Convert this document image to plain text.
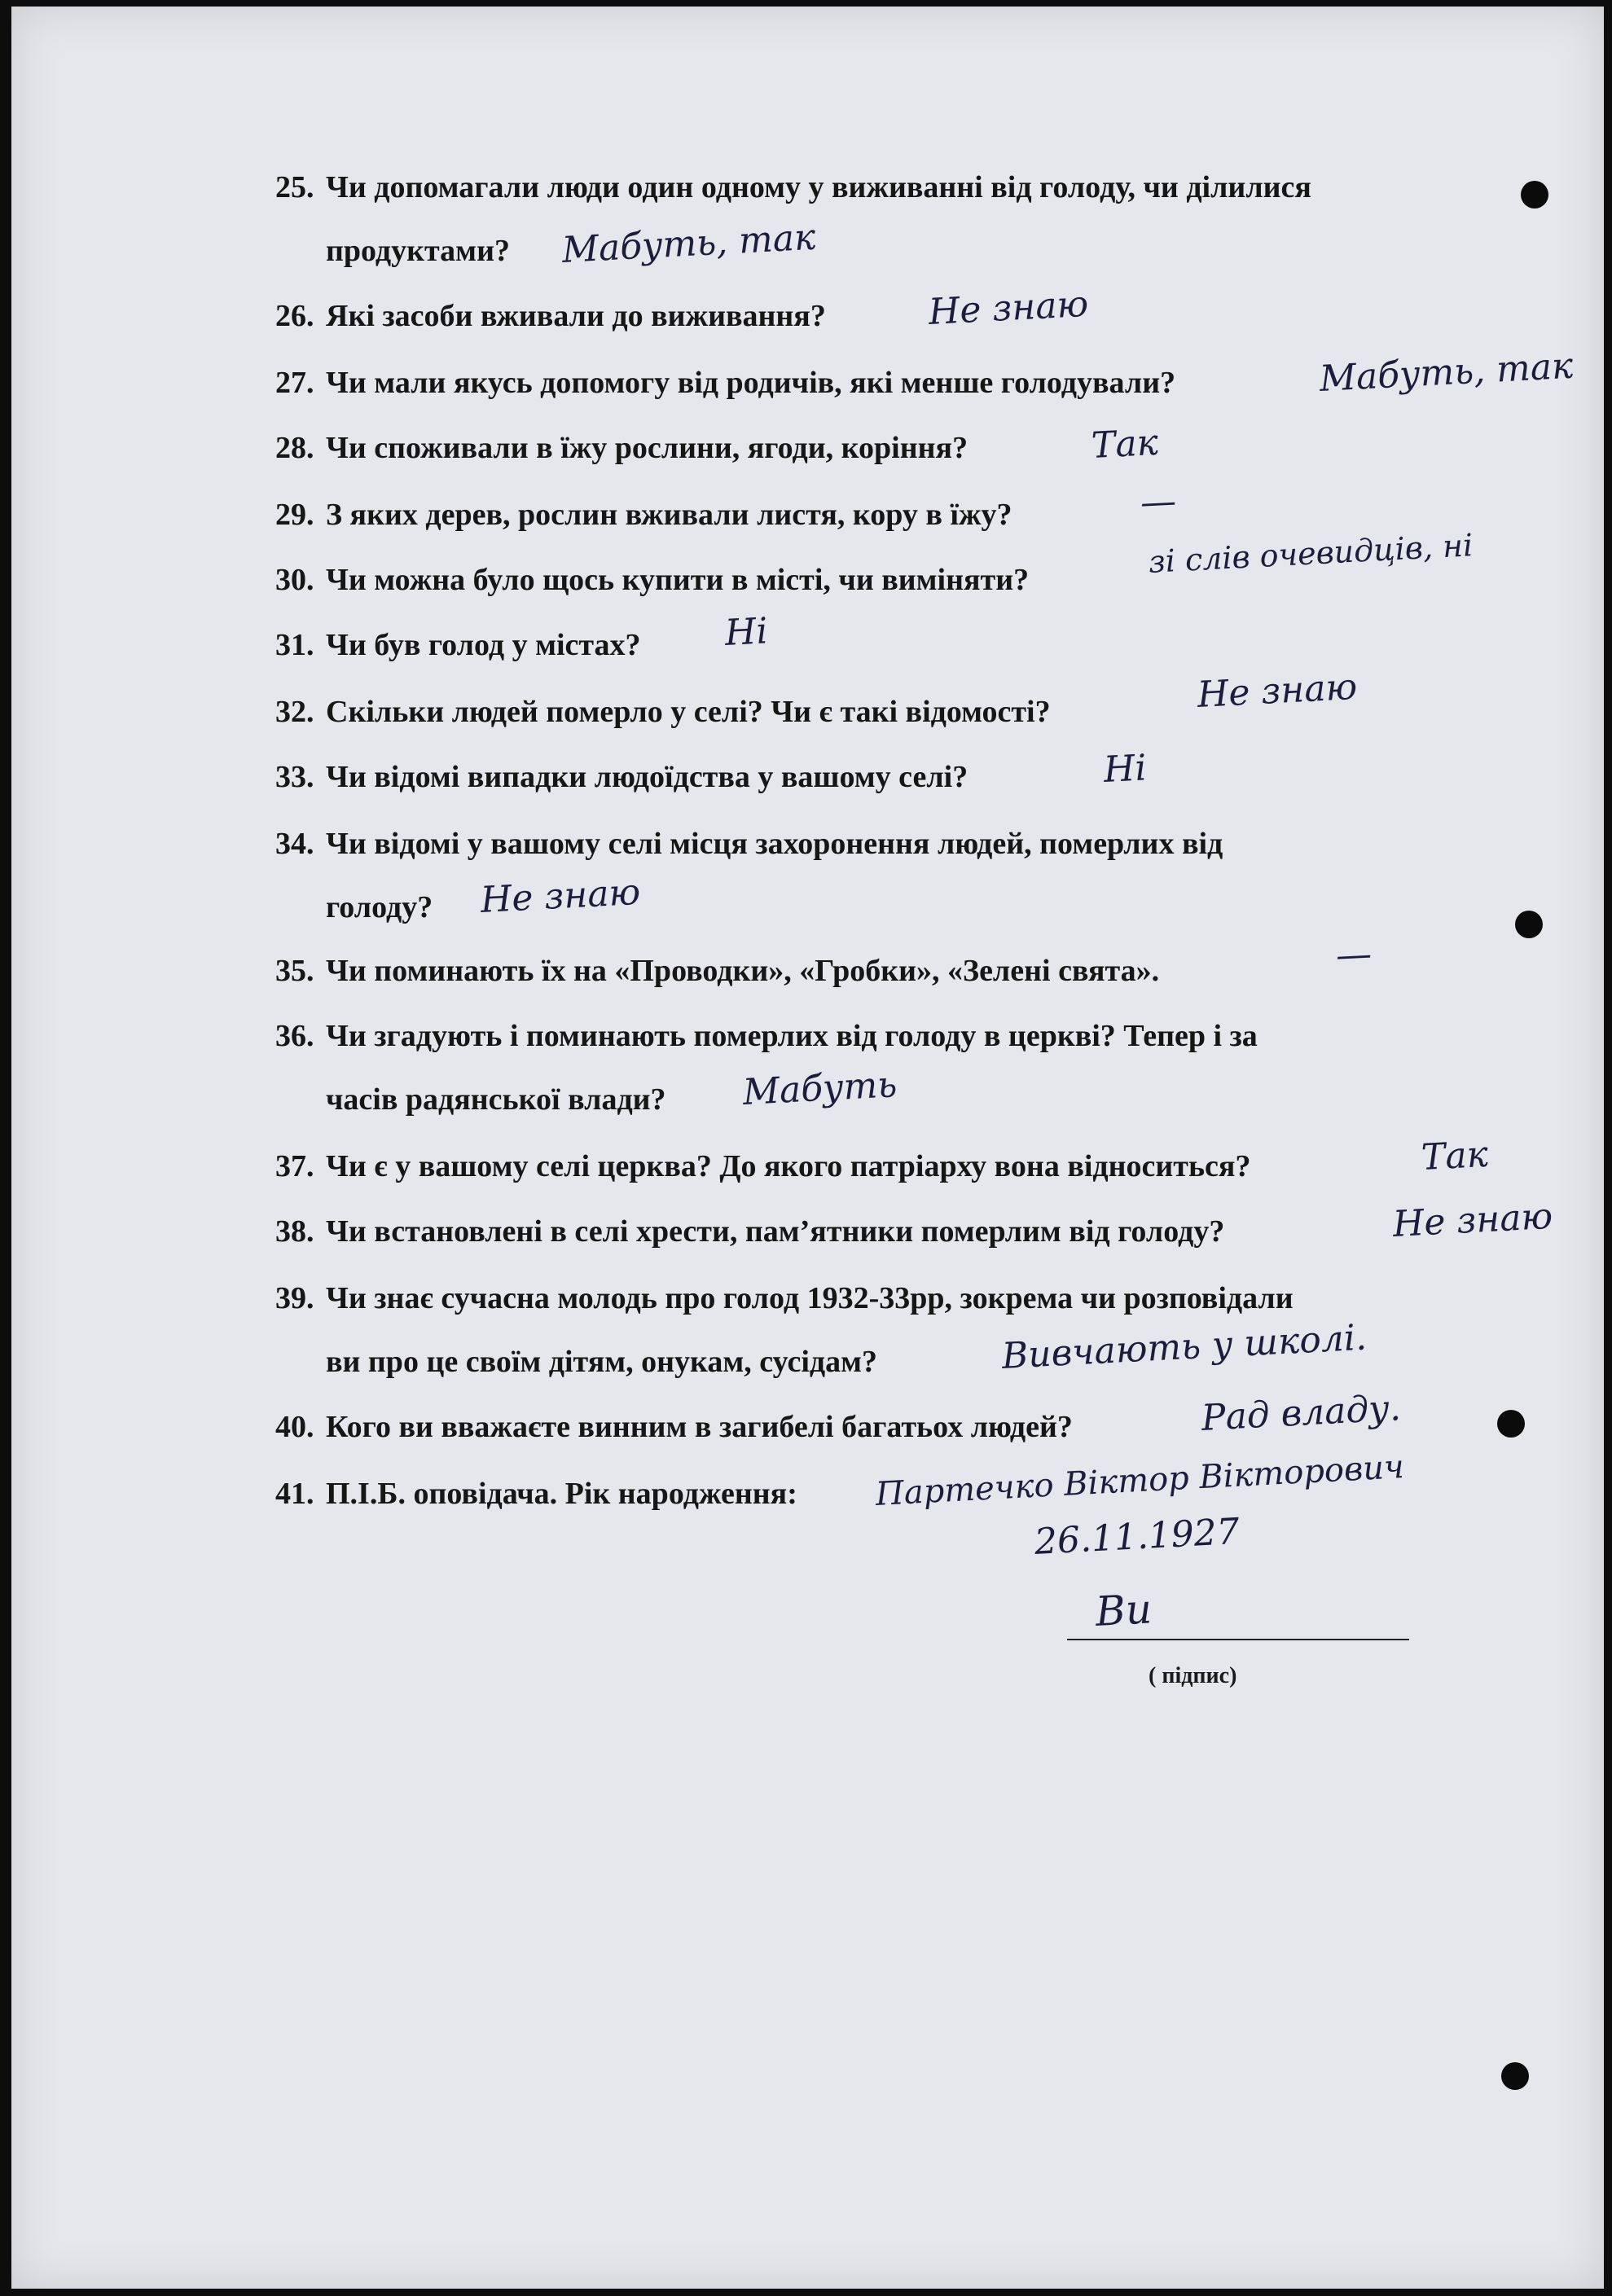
25. Чи допомагали люди один одному у виживанні від голоду, чи ділилися
продуктами? Мабуть, так
26. Які засоби вживали до виживання?	Не знаю
27. Чи мали якусь допомогу від родичів, які менше голодували?	Мабуть, так
28. Чи споживали в їжу рослини, ягоди, коріння?	Так
29. З яких дерев, рослин вживали листя, кору в їжу?	—
30. Чи можна було щось купити в місті, чи виміняти?
зі слів очевидців, ні
31. Чи був голод у містах? Ні
32. Скільки людей померло у селі? Чи є такі відомості?	Не знаю
33. Чи відомі випадки людоїдства у вашому селі?	Ні
34. Чи відомі у вашому селі місця захоронення людей, померлих від
голоду? Не знаю
35. Чи поминають їх на «Проводки», «Гробки», «Зелені свята».	—
36. Чи згадують і поминають померлих від голоду в церкві? Тепер і за
часів радянської влади? Мабуть
37. Чи є у вашому селі церква? До якого патріарху вона відноситься?	Так
38. Чи встановлені в селі хрести, пам’ятники померлим від голоду?	Не знаю
39. Чи знає сучасна молодь про голод 1932-33рр, зокрема чи розповідали
ви про це своїм дітям, онукам, сусідам?	Вивчають у школі.
40. Кого ви вважаєте винним в загибелі багатьох людей?	Рад владу.
41. П.І.Б. оповідача. Рік народження: Партечко Віктор Вікторович
26.11.1927
Ви
( підпис)
